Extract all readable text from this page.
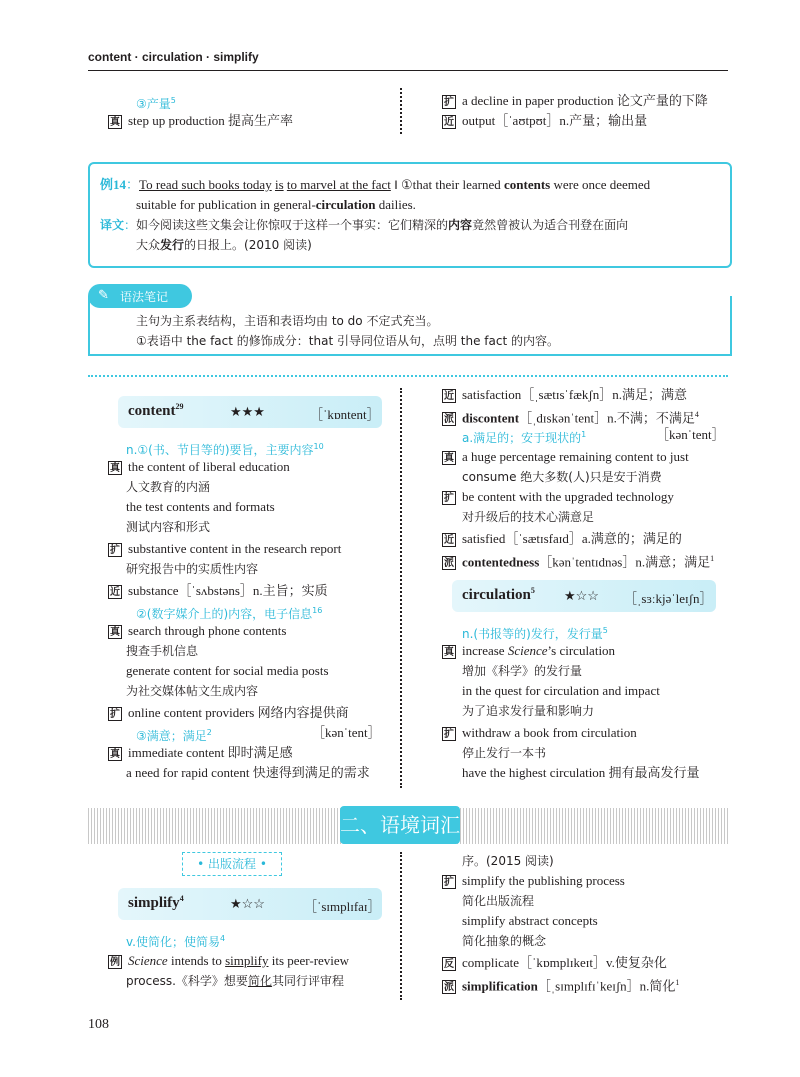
content · circulation · simplify
③产量$^5$
真 step up production 提高生产率
扩 a decline in paper production 论文产量的下降
近 output［ˈaʊtpʊt］n.产量；输出量
例14：To read such books today is to marvel at the fact ‖ ①that their learned contents were once deemed
suitable for publication in general-circulation dailies.
译文：如今阅读这些文集会让你惊叹于这样一个事实：它们精深的内容竟然曾被认为适合刊登在面向
大众发行的日报上。(2010 阅读)
✎ 语法笔记
主句为主系表结构，主语和表语均由 to do 不定式充当。
①表语中 the fact 的修饰成分：that 引导同位语从句，点明 the fact 的内容。
content$^{29}$	★★★	［ˈkɒntent］
n.①(书、节目等的)要旨，主要内容$^{10}$
真 the content of liberal education
人文教育的内涵
the test contents and formats
测试内容和形式
扩 substantive content in the research report
研究报告中的实质性内容
近 substance［ˈsʌbstəns］n.主旨；实质
②(数字媒介上的)内容，电子信息$^{16}$
真 search through phone contents
搜查手机信息
generate content for social media posts
为社交媒体帖文生成内容
扩 online content providers 网络内容提供商
③满意；满足$^2$	［kənˈtent］
真 immediate content 即时满足感
a need for rapid content 快速得到满足的需求
近 satisfaction［ˌsætɪsˈfækʃn］n.满足；满意
派 discontent［ˌdɪskənˈtent］n.不满；不满足$^4$
a.满足的；安于现状的$^1$	［kənˈtent］
真 a huge percentage remaining content to just
consume 绝大多数(人)只是安于消费
扩 be content with the upgraded technology
对升级后的技术心满意足
近 satisfied［ˈsætɪsfaɪd］a.满意的；满足的
派 contentedness［kənˈtentɪdnəs］n.满意；满足$^1$
circulation$^5$ ★☆☆ ［ˌsɜːkjəˈleɪʃn］
n.(书报等的)发行，发行量$^5$
真 increase Science’s circulation
增加《科学》的发行量
in the quest for circulation and impact
为了追求发行量和影响力
扩 withdraw a book from circulation
停止发行一本书
have the highest circulation 拥有最高发行量
二、语境词汇
• 出版流程 •
simplify$^4$	★☆☆	［ˈsɪmplɪfaɪ］
v.使简化；使简易$^4$
例 Science intends to simplify its peer-review
process.《科学》想要简化其同行评审程
序。(2015 阅读)
扩 simplify the publishing process
简化出版流程
simplify abstract concepts
简化抽象的概念
反 complicate［ˈkɒmplɪkeɪt］v.使复杂化
派 simplification［ˌsɪmplɪfɪˈkeɪʃn］n.简化$^1$
108
